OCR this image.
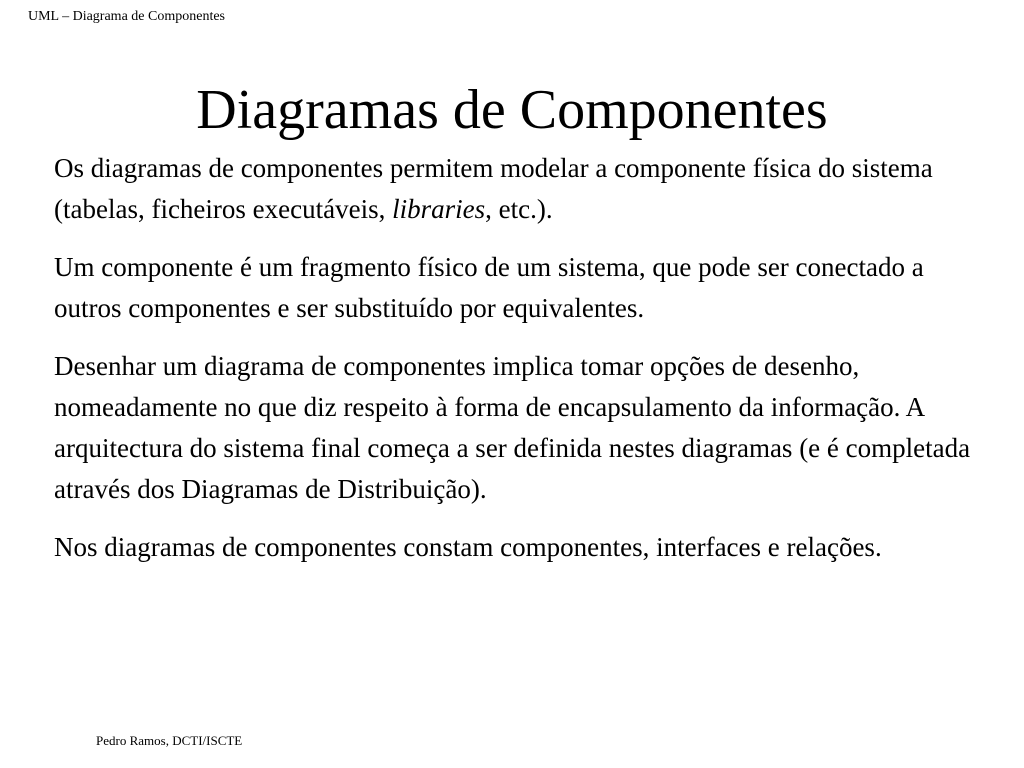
UML – Diagrama de Componentes
Diagramas de Componentes

Os diagramas de componentes permitem modelar a componente física do sistema (tabelas, ficheiros executáveis, libraries, etc.).

Um componente é um fragmento físico de um sistema, que pode ser conectado a outros componentes e ser substituído por equivalentes.

Desenhar um diagrama de componentes implica tomar opções de desenho, nomeadamente no que diz respeito à forma de encapsulamento da informação. A arquitectura do sistema final começa a ser definida nestes diagramas (e é completada através dos Diagramas de Distribuição).

Nos diagramas de componentes constam componentes, interfaces e relações.

Pedro Ramos, DCTI/ISCTE
